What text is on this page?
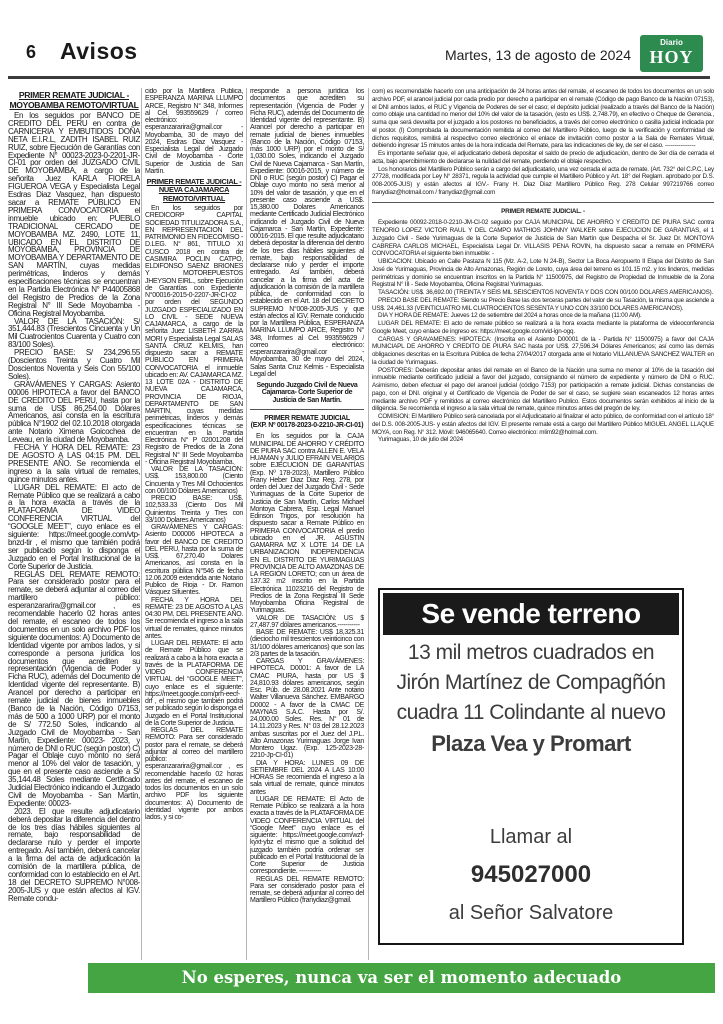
6 Avisos	Martes, 13 de agosto de 2024
Diario
HOY

PRIMER REMATE JUDICIAL - MOYOBAMBA REMOTO/VIRTUAL

En los seguidos por BANCO DE CREDITO DEL PERU en contra de CARNICERIA Y EMBUTIDOS DOÑA NETA E.I.R.L, ZADITH ISABEL RUIZ RUIZ, sobre Ejecución de Garantías con Expediente N° 00023-2023-0-2201-JR-CI-01 por orden del JUZGADO CIVIL DE MOYOBAMBA, a cargo de la señorita Juez KARLA FIORELA FIGUEROA VEGA y Especialista Legal Esdras Diaz Vasquez, han dispuesto sacar a REMATE PÚBLICO EN PRIMERA CONVOCATORIA el inmueble ubicado en: PUEBLO TRADICIONAL CERCADO DE MOYOBAMBA MZ. 2490, LOTE 11, UBICADO EN EL DISTRITO DE MOYOBAMBA, PROVINCIA DE MOYOBAMBA Y DEPARTAMENTO DE SAN MARTÍN, cuyas medidas perimétricas, linderos y demás especificaciones técnicas se encuentran en la Partida Electrónica N° P44005868 del Registro de Predios de la Zona Registral N° III Sede Moyobamba - Oficina Registral Moyobamba.

VALOR DE LA TASACIÓN: S/ 351,444.83 (Trescientos Cincuenta y Un Mil Cuatrocientos Cuarenta y Cuatro con 83/100 Soles).

PRECIO BASE: S/ 234,296.55 (Doscientos Treinta y Cuatro Mil Doscientos Noventa y Seis Con 55/100 Soles).

GRAVÁMENES Y CARGAS: Asiento 00006 HIPOTECA a favor del BANCO DE CREDITO DEL PERU, hasta por la suma de US$ 86,254.00 Dólares Americanos, así consta en la escritura pública N°1902 del 02.10.2018 otorgada ante Notario Ximena Goicochea de Leveau, en la ciudad de Moyobamba.

FECHA Y HORA DEL REMATE: 23 DE AGOSTO A LAS 04:15 PM. DEL PRESENTE AÑO. Se recomienda el ingreso a la sala virtual de remates, quince minutos antes.

LUGAR DEL REMATE: El acto de Remate Público que se realizará a cabo a la hora exacta a través de la PLATAFORMA DE VIDEO CONFERENCIA VIRTUAL del “GOOGLE MEET”, cuyo enlace es el siguiente: https://meet.google.com/vtp-bnzd-tir , el mismo que también podrá ser publicado según lo disponga el Juzgado en el Portal Institucional de la Corte Superior de Justicia.

REGLAS DEL REMATE REMOTO: Para ser considerado postor para el remate, se deberá adjuntar al correo del martillero público: esperanzararira@gmail.cor , es recomendable hacerlo 02 horas antes del remate, el escaneo de todos los documentos en un solo archivo PDF los siguiente documentos: A) Documento de Identidad vigente por ambos lados, y si corresponde a persona jurídica los documentos que acrediten su representación (Vigencia de Poder y Ficha RUC), además del Documento de Identidad vigente del representante. B) Arancel por derecho a participar en remate judicial de bienes inmuebles (Banco de la Nación, Código 07153, más de 500 a 1000 URP) por el monto de S/ 772.50 Soles, indicando al Juzgado Civil de Moyobamba - San Martín, Expediente: 00023- 2023, y número de DNI o RUC (según postor) C) Pagar el Oblaje cuyo monto no será menor al 10% del valor de tasación, y que en el presente caso asciende a S/ 35,144.48 Soles mediante Certificado Judicial Electrónico indicando el Juzgado Civil de Moyobamba - San Martín, Expediente: 00023-

2023. El que resulte adjudicatario deberá depositar la diferencia del dentro de los tres días hábiles siguientes al remate, bajo responsabilidad de declararse nulo y perder el importe entregado. Así también, deberá cancelar a la firma del acta de adjudicación la comisión de la martillera pública, de conformidad con lo establecido en el Art. 18 del DECRETO SUPREMO N°008-2005-JUS y que están afectos al IGV. Remate condu-

cido por la Martillera Publica, ESPERANZA MARINA LLUMPO ARCE, Registro N° 348, Informes al Cel. 993559629 / correo electrónico: esperanzararira@gmail.cor - Moyobamba, 30 de mayo del 2024, Esdras Diaz Vasquez - Especialista Legal del Juzgado Civil de Moyobamba - Corte Superior de Justicia de San Martín.

PRIMER REMATE JUDICIAL - NUEVA CAJAMARCA REMOTO/VIRTUAL

En los seguidos por CREDICORP CAPITAL SOCIEDAD TITULIZADORA S.A., EN REPRESENTACION DEL PATRIMONIO EN FIDECOMISO - D.LEG. N° 861, TITULO XI CUSCO 2018 en contra de CASIMIRA POCLIN CATPO, ELDIFONSO SAENZ BRIONES Y MOTOREPUESTOS JHEYSON EIRL., sobre Ejecución de Garantías con Expediente N°00016-2015-0-2207-JR-CI-02 por orden del SEGUNDO JUZGADO ESPECIALIZADO EN LO CIVIL - SEDE NUEVA CAJAMARCA, a cargo de la señorita Juez LISBETH ZARRIA MORI y Especialista Legal SALAS SANTA CRUZ KELMIS, han dispuesto sacar a REMATE PÚBLICO EN PRIMERA CONVOCATORIA el inmueble ubicado en: AV. CAJAMARCA MZ. 13 LOTE 02A - DISTRITO DE NUEVA CAJAMARCA, PROVINCIA DE RIOJA, DEPARTAMENTO DE SAN MARTIN, cuyas medidas perimétricas, linderos y demás especificaciones técnicas se encuentran en la Partida Electrónica N° P 02001208 del Registro de Predios de la Zona Registral N° III Sede Moyobamba - Oficina Registral Moyobamba.

VALOR DE LA TASACIÓN: US$. 153,800.00 (Ciento Cincuenta y Tres Mil Ochocientos con 00/100 Dólares Americanos)

PRECIO BASE: US$. 102,533.33 (Ciento Dos Mil Quinientos Treinta y Tres con 33/100 Dolares Americanos)

GRAVÁMENES Y CARGAS: Asiento D00006 HIPOTECA a favor del BANCO DE CREDITO DEL PERU, hasta por la suma de US$. 67,270.40 Dolares Americanos, así consta en la escritura pública N°546 de fecha 12.06.2009 extendida ante Notario Publico de Rioja - Dr. Ramon Vásquez Sifuentes.

FECHA Y HORA DEL REMATE: 23 DE AGOSTO A LAS 04:30 PM. DEL PRESENTE AÑO. Se recomienda el ingreso a la sala virtual de remates, quince minutos antes.

LUGAR DEL REMATE: El acto de Remate Público que se realizará a cabo a la hora exacta a través de la PLATAFORMA DE VIDEO CONFERENCIA VIRTUAL del “GOOGLE MEET”, cuyo enlace es el siguiente: https://meet.google.com/prh-eecf-drf , el mismo que también podrá ser publicado según lo disponga el Juzgado en el Portal Institucional de la Corte Superior de Justicia.

REGLAS DEL REMATE REMOTO: Para ser considerado postor para el remate, se deberá adjuntar al correo del martillero público: esperanzararira@gmail.cor , es recomendable hacerlo 02 horas antes del remate, el escaneo de todos los documentos en un solo archivo PDF los siguiente documentos: A) Documento de identidad vigente por ambos lados, y si co-

rresponde a persona jurídica los documentos que acrediten su representación (Vigencia de Poder y Ficha RUC), además del Documento de Identidad vigente del representante. B) Arancel por derecho a participar en remate judicial de bienes inmuebles (Banco de la Nación, Código 07153, más 1000 URP) por el monto de S/ 1,030.00 Soles, indicando el Juzgado Civil de Nueva Cajamarca - San Martín, Expediente: 00016-2015, y número de DNI o RUC (según postor) C) Pagar el Oblaje cuyo monto no será menor al 10% del valor de tasación, y que en el presente caso asciende a US$. 15,380.00 Dolares Americanos mediante Certificado Judicial Electrónico indicando el Juzgado Civil de Nueva Cajamarca - San Martín, Expediente: 00016-2015. El que resulte adjudicatario deberá depositar la diferencia del dentro de los tres días hábiles siguientes al remate, bajo responsabilidad de declararse nulo y perder el importe entregado. Así también, deberá cancelar a la firma del acta de adjudicación la comisión de la martillera pública, de conformidad con lo establecido en el Art. 18 del DECRETO SUPREMO N°008-2005-JUS y que están afectos al IGV. Remate conducido por la Martillera Pública, ESPERANZA MARINA LLUMPO ARCE, Registro N° 348, Informes al Cel. 993559629 / correo electrónico: esperanzararira@gmail.cor - Moyobamba, 30 de mayo del 2024, Salas Santa Cruz Kelmis - Especialista Legal del

Segundo Juzgado Civil de Nueva Cajamarca- Corte Superior de Justicia de San Martín.

PRIMER REMATE JUDICIAL

(EXP. Nº 00178-2023-0-2210-JR-CI-01)

En los seguidos por la CAJA MUNICIPAL DE AHORRO Y CRÉDITO DE PIURA SAC contra ALLEN E. VELA HUAMAN y JULIO EFRAIN VELARIOS sobre EJECUCIÓN DE GARANTÍAS (Exp. Nº 178-2023), Martillero Público Frany Heber Diaz Diaz Reg. 278, por orden del Juez del Juzgado Civil - Sede Yurimaguas de la Corte Superior de Justicia de San Martín, Carlos Michael Montoya Cabrera, Esp. Legal Manuel Edinson Trigos, por resolución ha dispuesto sacar a Remate Público en PRIMERA CONVOCATORIA el predio ubicado en el JR. AGUSTIN GAMARRA MZ X LOTE 14 DE LA URBANIZACION INDEPENDENCIA EN EL DISTRITO DE YURIMAGUAS PROVINCIA DE ALTO AMAZONAS DE LA REGIÓN LORETO; con un área de 137.32 m2 inscrito en la Partida Electrónica 11023216 del Registro de Predios de la Zona Registral III Sede Moyobamba Oficina Registral de Yurimaguas.

VALOR DE TASACIÓN: US $ 27,487.97 dólares americanos.-----------

BASE DE REMATE: US$ 18,325.31 (dieciocho mil trescientos veinticinco con 31/100 dólares americanos) que son las 2/3 partes de la tasación.

CARGAS Y GRAVÁMENES: HIPOTECA. D0001: A favor de LA CMAC PIURA, hasta por US $ 24,810.93 dólares americanos, según Esc. Púb. de 28.08.2021 Ante notario Walter Villanueva Sánchez. EMBARGO D0002 - A favor de la CMAC DE MAYNAS S.A.C. Hasta por S/. 24,000.00 Soles. Res. N° 01 de 14.11.2023 y Res. N° 03 del 28.12.2023 ambas suscritas por el Juez del J.P.L. Alto Amazonas Yurimaguas Jorge Ivan Montero Ugaz. (Exp. 125-2023-28-2210-Jp-CI-01)

DIA Y HORA: LUNES 09 DE SETIEMBRE DEL 2024 A LAS 10:00 HORAS Se recomienda el ingreso a la sala virtual de remate, quince minutos antes

LUGAR DE REMATE: El Acto de Remate Público se realizará a la hora exacta a través de la PLATAFORMA DE VIDEO CONFERENCIA VIRTUAL del “Google Meet” cuyo enlace es el siguiente: https://meet.google.com/wzf-kyxt-ybz el mismo que a solicitud del juzgado también podría ordenar ser publicado en el Portal Institucional de la Corte Superior de Justicia correspondiente. -----------

REGLAS DEL REMATE REMOTO: Para ser considerado postor para el remate, se deberá adjuntar al correo del Martillero Público (franydiaz@gmail.

com) es recomendable hacerlo con una anticipación de 24 horas antes del remate, el escaneo de todos los documentos en un solo archivo PDF, el arancel judicial por cada predio por derecho a participar en el remate (Código de pago Banco de la Nación 07153), el DNI ambos lados, el RUC y Vigencia de Poderes de ser el caso; el depósito judicial (realizado a través del Banco de la Nación) como oblaje una cantidad no menor del 10% del valor de la tasación, (esto es US$. 2,748.79), en efectivo o Cheque de Gerencia., suma que será devuelta por el juzgado a los postores no beneficiados, a través del correo electrónico o casilla judicial indicada por el postor. (I) Comprobada la documentación remitida al correo del Martillero Público, luego de la verificación y conformidad de dichos requisitos, remitirá al respectivo correo electrónico el enlace de invitación como postor a la Sala de Remates Virtual, debiendo ingresar 15 minutos antes de la hora indicada del Remate, para las indicaciones de ley, de ser el caso. ----------------

Es importante señalar que, el adjudicatario deberá depositar el saldo de precio de adjudicación, dentro de 3er día de cerrada el acta, bajo apercibimiento de declararse la nulidad del remate, perdiendo el oblaje respectivo.

Los honorarios del Martillero Público serán a cargo del adjudicatario, una vez cerrada el acta de remate. (Art. 732° del C.P.C, Ley 27728, modificada por Ley N° 28371, regula la actividad que cumple el Martillero Público y Art. 18° del Reglam. aprobado por D.S. 008-2005-JUS) y están afectos al IGV.- Frany H. Diaz Diaz Martillero Público Reg. 278 Celular 997219766 correo franydiaz@hotmail.com / franydiaz@gmail.com

PRIMER REMATE JUDICIAL. -

Expediente 00092-2018-0-2210-JM-CI-02 seguido por CAJA MUNICIPAL DE AHORRO Y CREDITO DE PIURA SAC contra TENORIO LOPEZ VICTOR RAUL Y DEL CAMPO MATHIOS JOHNNY WALKER sobre EJECUCION DE GARANTIAS, el 1 Juzgado Civil - Sede Yurimaguas de la Corte Superior de Justicia de San Martín que Despacha el Sr. Juez Dr. MONTOYA CABRERA CARLOS MICHAEL, Especialista Legal Dr. VILLASIS PENA ROVIN, ha dispuesto sacar a remate en PRIMERA CONVOCATORIA el siguiente bien inmueble: -

UBICACION: Ubicado en Calle Pastaza N 115 (Mz. A-2, Lote N 24-B), Sector La Boca Aeropuerto II Etapa del Distrito de San José de Yurimaguas, Provincia de Alto Amazonas, Región de Loreto, cuya área del terreno es 101.15 m2. y los linderos, medidas perimétricas y dominio se encuentran inscritos en la Partida N° 11500975, del Registro de Propiedad de Inmueble de la Zona Registral N° III - Sede Moyobamba, Oficina Registral Yurimaguas.

TASACIÓN: US$. 36,692.00 (TREINTA Y SEIS MIL SEISCIENTOS NOVENTA Y DOS CON 00/100 DOLARES AMERICANOS).

PRECIO BASE DEL REMATE: Siendo su Precio Base las dos terceras partes del valor de su Tasación, la misma que asciende a US$. 24,461.33 (VEINTICUATRO MIL CUATROCIENTOS SESENTA Y UNO CON 33/100 DOLARES AMERICANOS).

DIA Y HORA DE REMATE: Jueves 12 de setiembre del 2024 a horas once de la mañana (11:00 AM).

LUGAR DEL REMATE: El acto de remate público se realizará a la hora exacta mediante la plataforma de videoconferencia Google Meet, cuyo enlace de ingreso es: https://meet.google.com/vid-ign-ogq.

CARGAS Y GRAVAMENES: HIPOTECA: (Inscrita en el Asiento D00001 de la - Partida N° 11500975) a favor del CAJA MUNICIAPL DE AHORRO Y CREDITO DE PIURA SAC hasta por US$. 27,596.34 Dólares Americanos; así como las demás obligaciones descritas en la Escritura Pública de fecha 27/04/2017 otorgada ante el Notario VILLANUEVA SANCHEZ WALTER en la ciudad de Yurimaguas.

POSTORES: Deberán depositar antes del remate en el Banco de la Nación una suma no menor al 10% de la tasación del inmueble mediante certificado judicial a favor del juzgado, consignando el número de expediente y número de DNI o RUC. Asimismo, deben efectuar el pago del arancel judicial (código 7153) por participación a remate judicial. Dichas constancias de pago, con el DNI. original y el Certificado de Vigencia de Poder de ser el caso, se sugiere sean escaneados 12 horas antes mediante archivo PDF y remitidos al correo electrónico del Martillero Publico. Estos documentos serán exhibidos al inicio de la diligencia. Se recomienda el ingreso a la sala virtual de remate, quince minutos antes del pregón de ley.

COMISION: El Martillero Público será cancelada por el Adjudicatario al finalizar el acto público, de conformidad con el artículo 18° del D.S. 008-2005-JUS- y están afectos del IGV. El presente remate está a cargo del Martillero Público MIGUEL ANGEL LLAQUE MOYA, con Reg. N° 312. Móvil: 946065640. Correo electrónico: mlim92@holmail.com.

Yurimaguas, 10 de julio del 2024

Se vende terreno
13 mil metros cuadrados en
Jirón Martínez de Compagñón
cuadra 11 Colindante al nuevo
Plaza Vea y Promart
Llamar al
945027000
al Señor Salvatore
No esperes, nunca va ser el momento adecuado
